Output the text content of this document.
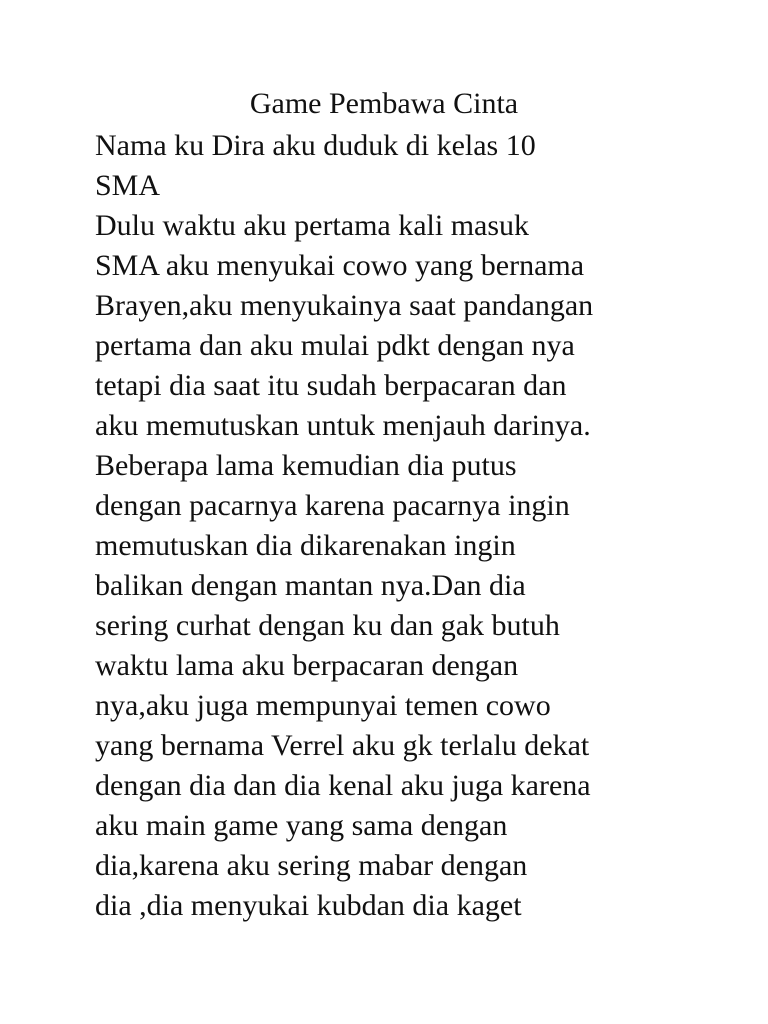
Game Pembawa Cinta
Nama ku Dira aku duduk di kelas 10
SMA
Dulu waktu aku pertama kali masuk
SMA aku menyukai cowo yang bernama
Brayen,aku menyukainya saat pandangan
pertama dan aku mulai pdkt dengan nya
tetapi dia saat itu sudah berpacaran dan
aku memutuskan untuk menjauh darinya.
Beberapa lama kemudian dia putus
dengan pacarnya karena pacarnya ingin
memutuskan dia dikarenakan ingin
balikan dengan mantan nya.Dan dia
sering curhat dengan ku dan gak butuh
waktu lama aku berpacaran dengan
nya,aku juga mempunyai temen cowo
yang bernama Verrel aku gk terlalu dekat
dengan dia dan dia kenal aku juga karena
aku main game yang sama dengan
dia,karena aku sering mabar dengan
dia ,dia menyukai kubdan dia kaget
